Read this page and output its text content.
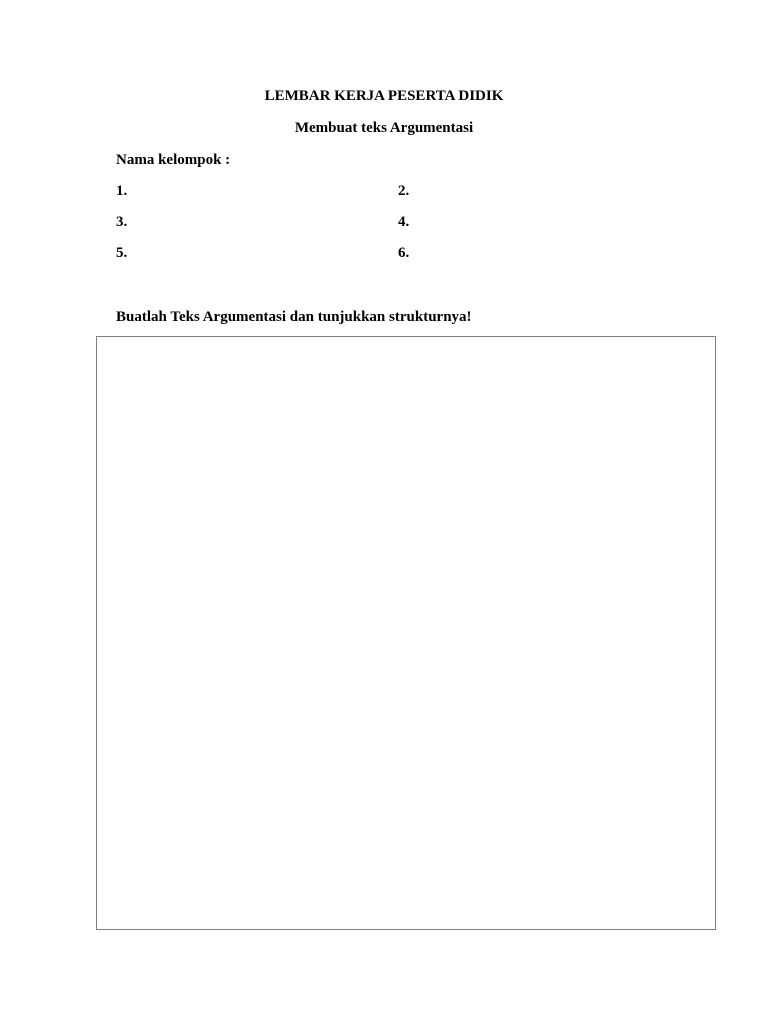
LEMBAR KERJA PESERTA DIDIK
Membuat teks Argumentasi
Nama kelompok :
1.	2.
3.	4.
5.	6.
Buatlah Teks Argumentasi dan tunjukkan strukturnya!
